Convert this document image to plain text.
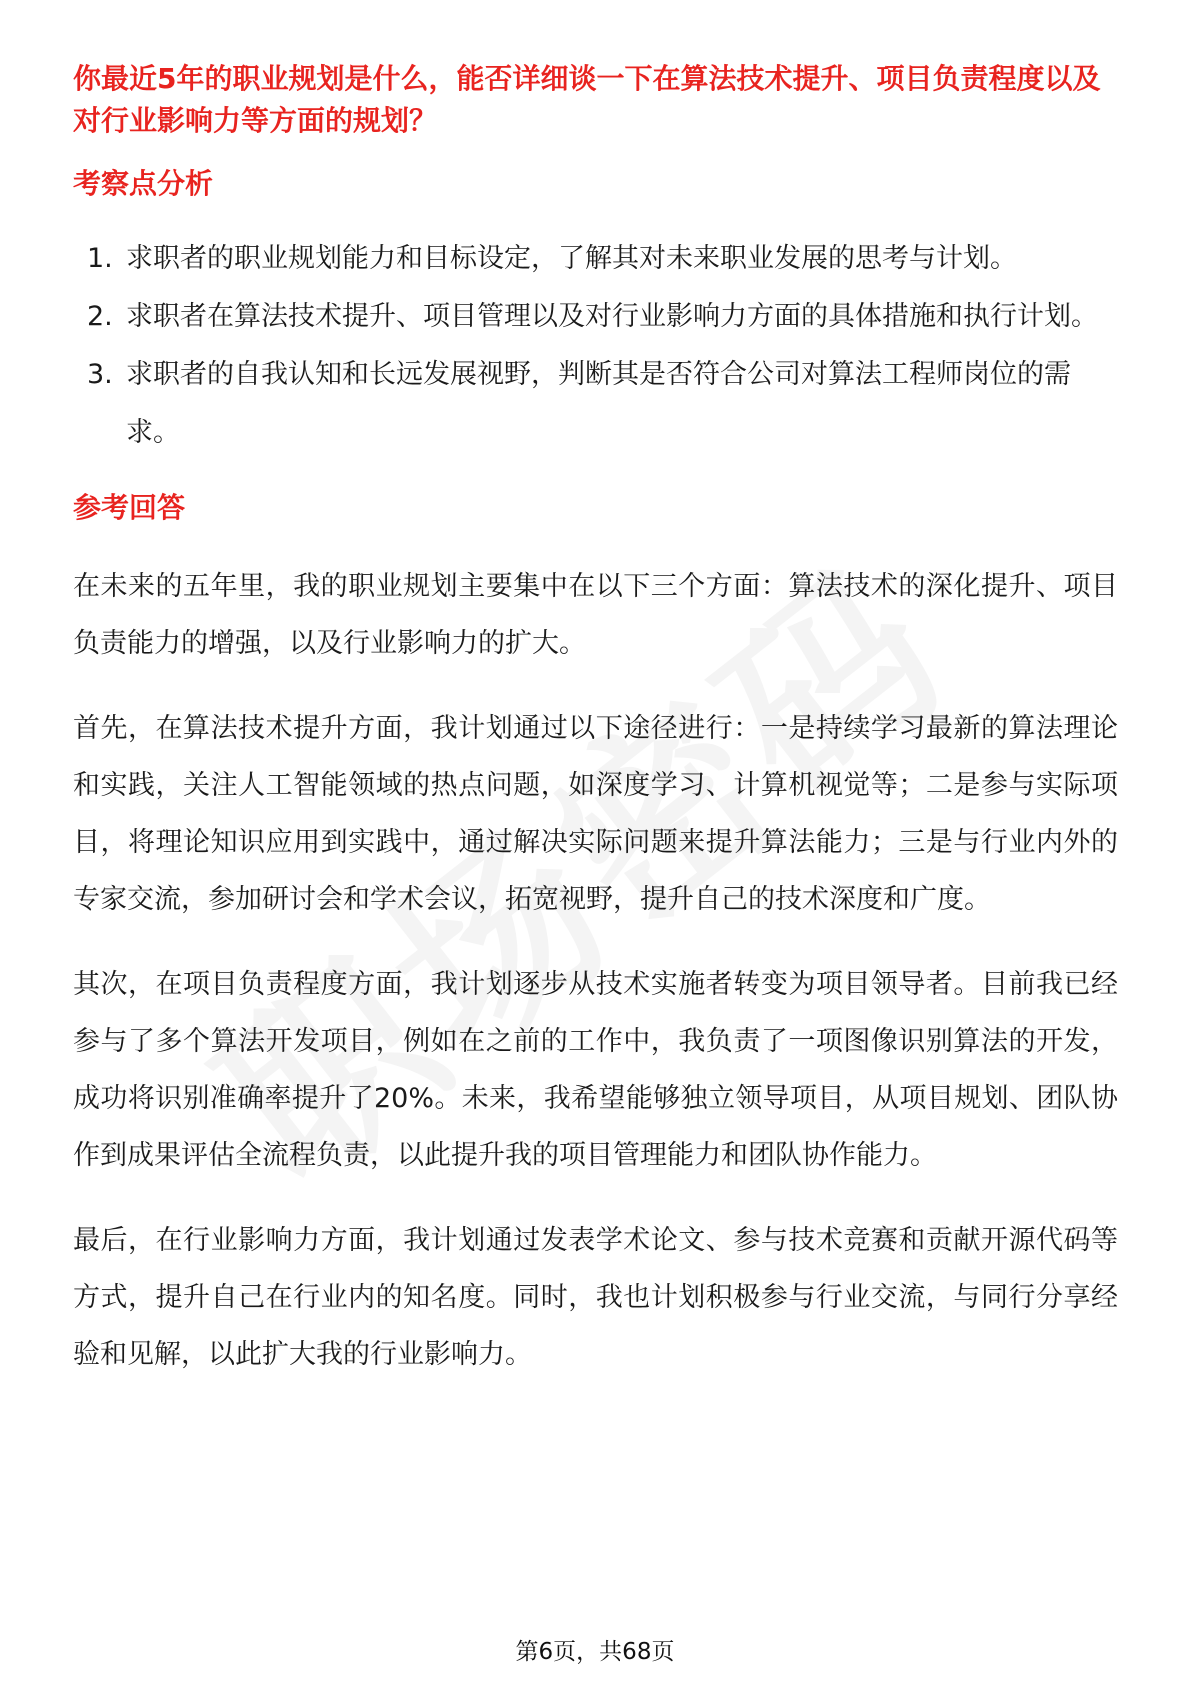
你最近5年的职业规划是什么，能否详细谈一下在算法技术提升、项目负责程度以及对行业影响力等方面的规划？

考察点分析
1. 求职者的职业规划能力和目标设定，了解其对未来职业发展的思考与计划。
2. 求职者在算法技术提升、项目管理以及对行业影响力方面的具体措施和执行计划。
3. 求职者的自我认知和长远发展视野，判断其是否符合公司对算法工程师岗位的需求。
参考回答

在未来的五年里，我的职业规划主要集中在以下三个方面：算法技术的深化提升、项目负责能力的增强，以及行业影响力的扩大。

首先，在算法技术提升方面，我计划通过以下途径进行：一是持续学习最新的算法理论和实践，关注人工智能领域的热点问题，如深度学习、计算机视觉等；二是参与实际项目，将理论知识应用到实践中，通过解决实际问题来提升算法能力；三是与行业内外的专家交流，参加研讨会和学术会议，拓宽视野，提升自己的技术深度和广度。

其次，在项目负责程度方面，我计划逐步从技术实施者转变为项目领导者。目前我已经参与了多个算法开发项目，例如在之前的工作中，我负责了一项图像识别算法的开发，成功将识别准确率提升了20%。未来，我希望能够独立领导项目，从项目规划、团队协作到成果评估全流程负责，以此提升我的项目管理能力和团队协作能力。

最后，在行业影响力方面，我计划通过发表学术论文、参与技术竞赛和贡献开源代码等方式，提升自己在行业内的知名度。同时，我也计划积极参与行业交流，与同行分享经验和见解，以此扩大我的行业影响力。

第6页，共68页
